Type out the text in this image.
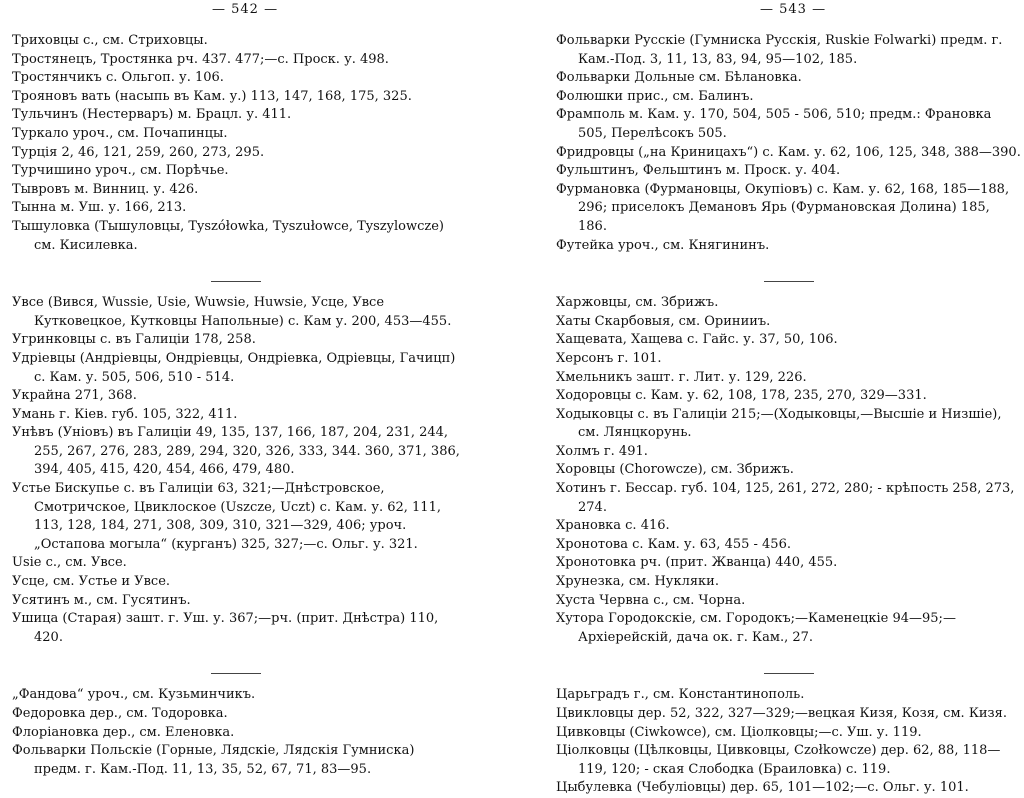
— 542 —	— 543 —
Триховцы с., см. Стриховцы.
Тростянецъ, Тростянка рч. 437. 477;—с. Проск. у. 498.
Тростянчикъ с. Ольгоп. у. 106.
Трояновъ вать (насыпь въ Кам. у.) 113, 147, 168, 175, 325.
Тульчинъ (Нестерваръ) м. Брацл. у. 411.
Туркало уроч., см. Почапинцы.
Турція 2, 46, 121, 259, 260, 273, 295.
Турчишино уроч., см. Порѣчье.
Тывровъ м. Винниц. у. 426.
Тынна м. Уш. у. 166, 213.
Тышуловка (Тышуловцы, Tyszółowka, Tyszułowce, Tyszylowcze) см. Кисилевка.
Увсе (Вився, Wussie, Usie, Wuwsie, Huwsie, Усце, Увсе Кутковецкое, Кутковцы Напольные) с. Кам у. 200, 453—455.
Угринковцы с. въ Галиціи 178, 258.
Удріевцы (Андріевцы, Ондріевцы, Ондріевка, Одріевцы, Гачицп) с. Кам. у. 505, 506, 510 - 514.
Украйна 271, 368.
Умань г. Кіев. губ. 105, 322, 411.
Унѣвъ (Уніовъ) въ Галиціи 49, 135, 137, 166, 187, 204, 231, 244, 255, 267, 276, 283, 289, 294, 320, 326, 333, 344. 360, 371, 386, 394, 405, 415, 420, 454, 466, 479, 480.
Устье Бискупье с. въ Галиціи 63, 321;—Днѣстровское, Смотричское, Цвиклоское (Uszcze, Uczt) с. Кам. у. 62, 111, 113, 128, 184, 271, 308, 309, 310, 321—329, 406; уроч. „Остапова могыла“ (курганъ) 325, 327;—с. Ольг. у. 321.
Usie с., см. Увсе.
Усце, см. Устье и Увсе.
Усятинъ м., см. Гусятинъ.
Ушица (Старая) зашт. г. Уш. у. 367;—рч. (прит. Днѣстра) 110, 420.
„Фандова“ уроч., см. Кузьминчикъ.
Федоровка дер., см. Тодоровка.
Флоріановка дер., см. Еленовка.
Фольварки Польскіе (Горные, Лядскіе, Лядскія Гумниска) предм. г. Кам.-Под. 11, 13, 35, 52, 67, 71, 83—95.
Фольварки Русскіе (Гумниска Русскія, Ruskie Folwarki) предм. г. Кам.-Под. 3, 11, 13, 83, 94, 95—102, 185.
Фольварки Дольные см. Бѣлановка.
Фолюшки прис., см. Балинъ.
Фрамполь м. Кам. у. 170, 504, 505 - 506, 510; предм.: Франовка 505, Перелѣсокъ 505.
Фридровцы („на Криницахъ“) с. Кам. у. 62, 106, 125, 348, 388—390.
Фульштинъ, Фельштинъ м. Проск. у. 404.
Фурмановка (Фурмановцы, Окупіовъ) с. Кам. у. 62, 168, 185—188, 296; приселокъ Демановъ Ярь (Фурмановская Долина) 185, 186.
Футейка уроч., см. Княгининъ.
Харжовцы, см. Збрижъ.
Хаты Скарбовыя, см. Оринииъ.
Хащевата, Хащева с. Гайс. у. 37, 50, 106.
Херсонъ г. 101.
Хмельникъ зашт. г. Лит. у. 129, 226.
Ходоровцы с. Кам. у. 62, 108, 178, 235, 270, 329—331.
Ходыковцы с. въ Галиціи 215;—(Ходыковцы,—Высшіе и Низшіе), см. Лянцкорунь.
Холмъ г. 491.
Хоровцы (Chorowcze), см. Збрижъ.
Хотинъ г. Бессар. губ. 104, 125, 261, 272, 280; - крѣпость 258, 273, 274.
Храновка с. 416.
Хронотова с. Кам. у. 63, 455 - 456.
Хронотовка рч. (прит. Жванца) 440, 455.
Хрунезка, см. Нукляки.
Хуста Червна с., см. Чорна.
Хутора Городокскіе, см. Городокъ;—Каменецкіе 94—95;—Архіерейскій, дача ок. г. Кам., 27.
Царьградъ г., см. Константинополь.
Цвикловцы дер. 52, 322, 327—329;—вецкая Кизя, Козя, см. Кизя.
Цивковцы (Ciwkowce), см. Ціолковцы;—с. Уш. у. 119.
Ціолковцы (Цѣлковцы, Цивковцы, Czołkowcze) дер. 62, 88, 118—119, 120; - ская Слободка (Браиловка) с. 119.
Цыбулевка (Чебуліовцы) дер. 65, 101—102;—с. Ольг. у. 101.
